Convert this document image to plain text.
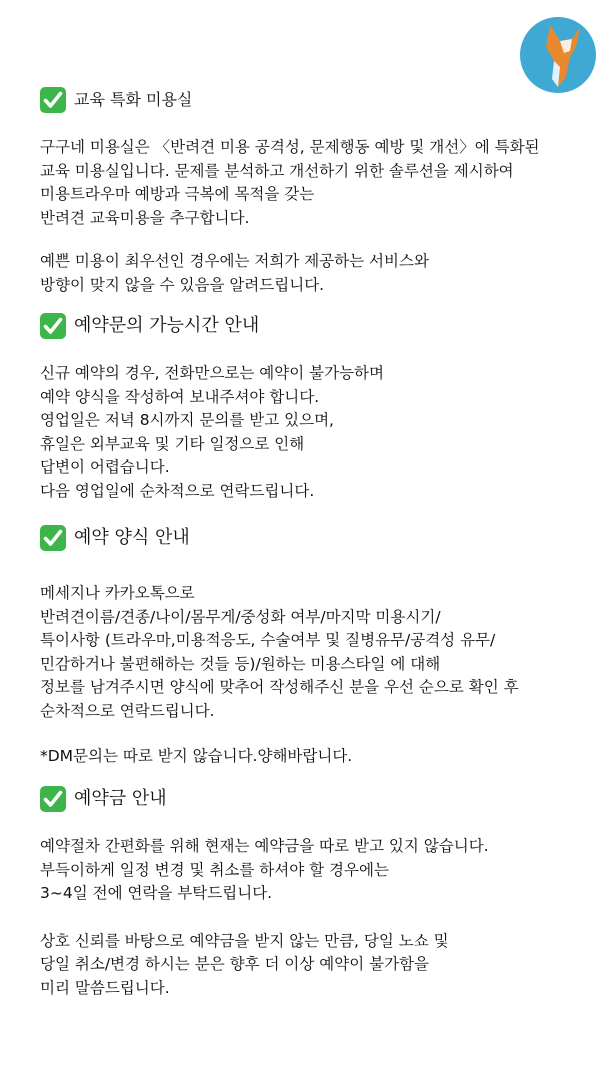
교육 특화 미용실

구구네 미용실은 〈반려견 미용 공격성, 문제행동 예방 및 개선〉에 특화된
교육 미용실입니다. 문제를 분석하고 개선하기 위한 솔루션을 제시하여
미용트라우마 예방과 극복에 목적을 갖는
반려견 교육미용을 추구합니다.

예쁜 미용이 최우선인 경우에는 저희가 제공하는 서비스와
방향이 맞지 않을 수 있음을 알려드립니다.

예약문의 가능시간 안내

신규 예약의 경우, 전화만으로는 예약이 불가능하며
예약 양식을 작성하여 보내주셔야 합니다.
영업일은 저녁 8시까지 문의를 받고 있으며,
휴일은 외부교육 및 기타 일정으로 인해
답변이 어렵습니다.
다음 영업일에 순차적으로 연락드립니다.

예약 양식 안내

메세지나 카카오톡으로
반려견이름/견종/나이/몸무게/중성화 여부/마지막 미용시기/
특이사항 (트라우마,미용적응도, 수술여부 및 질병유무/공격성 유무/
민감하거나 불편해하는 것들 등)/원하는 미용스타일 에 대해
정보를 남겨주시면 양식에 맞추어 작성해주신 분을 우선 순으로 확인 후
순차적으로 연락드립니다.

*DM문의는 따로 받지 않습니다.양해바랍니다.

예약금 안내

예약절차 간편화를 위해 현재는 예약금을 따로 받고 있지 않습니다.
부득이하게 일정 변경 및 취소를 하셔야 할 경우에는
3~4일 전에 연락을 부탁드립니다.

상호 신뢰를 바탕으로 예약금을 받지 않는 만큼, 당일 노쇼 및
당일 취소/변경 하시는 분은 향후 더 이상 예약이 불가함을
미리 말씀드립니다.
